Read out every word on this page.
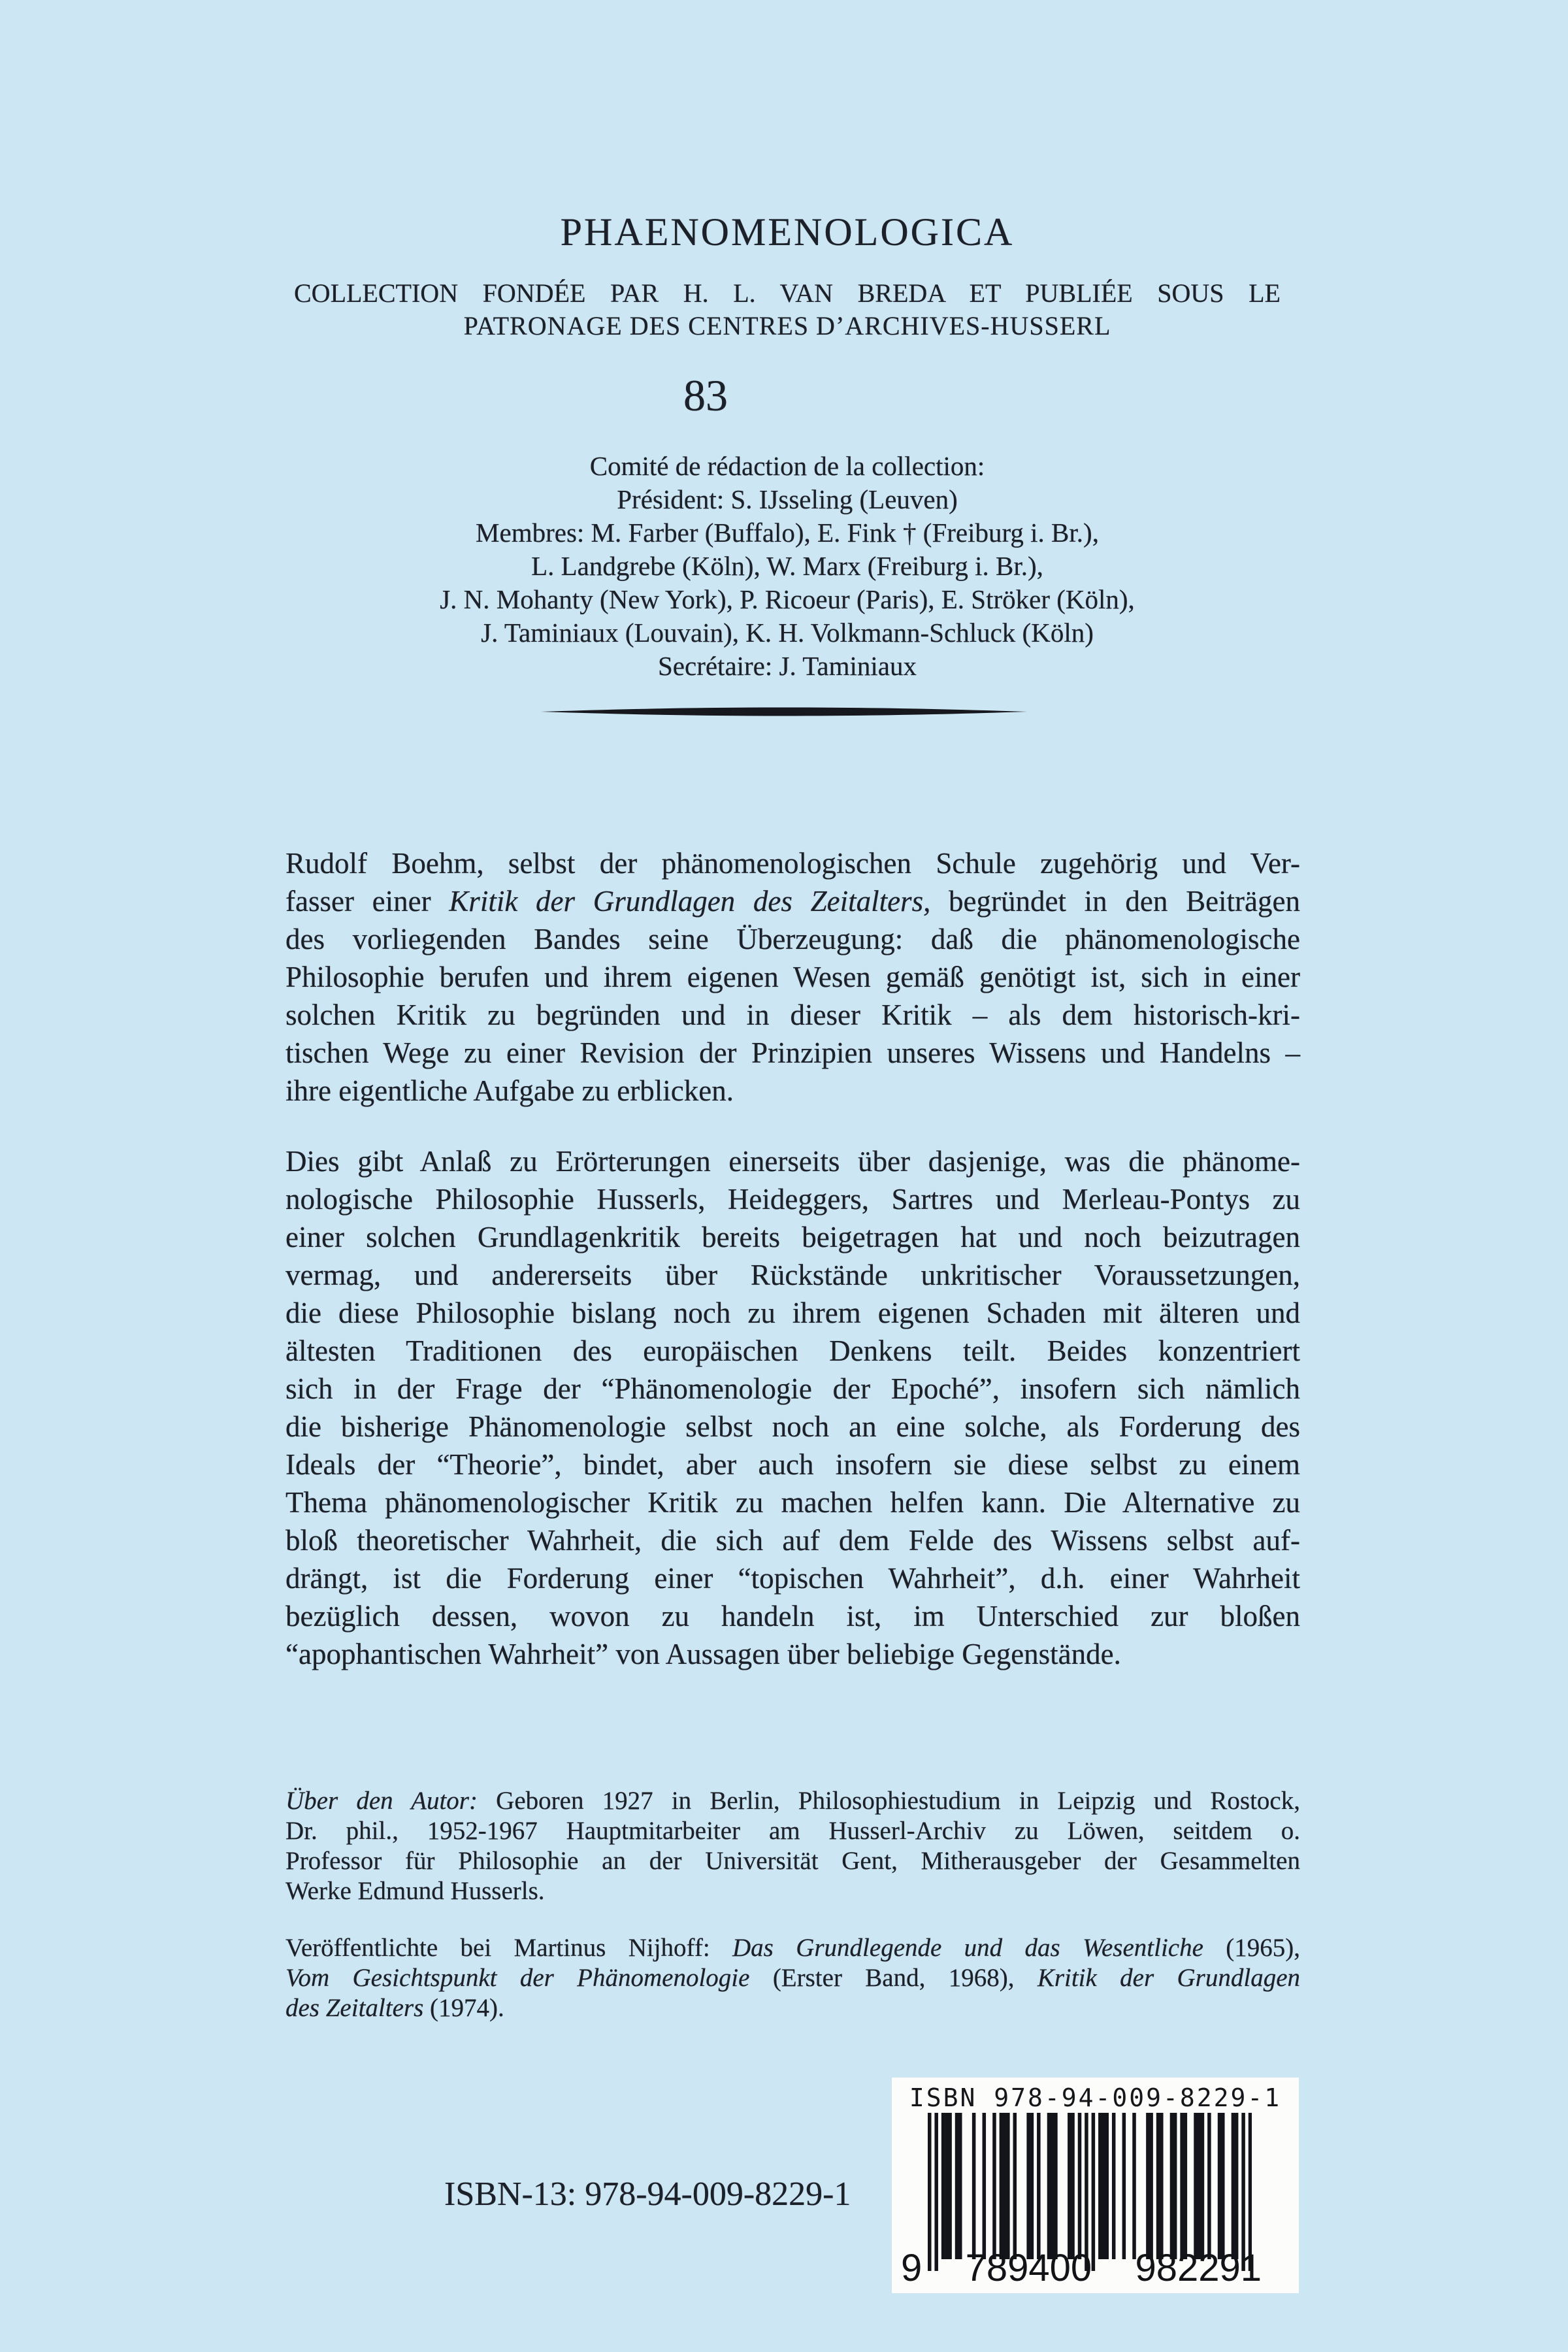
PHAENOMENOLOGICA
COLLECTION FONDÉE PAR H. L. VAN BREDA ET PUBLIÉE SOUS LE
PATRONAGE DES CENTRES D’ARCHIVES-HUSSERL
83
Comité de rédaction de la collection:
Président: S. IJsseling (Leuven)
Membres: M. Farber (Buffalo), E. Fink † (Freiburg i. Br.),
L. Landgrebe (Köln), W. Marx (Freiburg i. Br.),
J. N. Mohanty (New York), P. Ricoeur (Paris), E. Ströker (Köln),
J. Taminiaux (Louvain), K. H. Volkmann-Schluck (Köln)
Secrétaire: J. Taminiaux
Rudolf Boehm, selbst der phänomenologischen Schule zugehörig und Ver-
fasser einer Kritik der Grundlagen des Zeitalters, begründet in den Beiträgen
des vorliegenden Bandes seine Überzeugung: daß die phänomenologische
Philosophie berufen und ihrem eigenen Wesen gemäß genötigt ist, sich in einer
solchen Kritik zu begründen und in dieser Kritik – als dem historisch-kri-
tischen Wege zu einer Revision der Prinzipien unseres Wissens und Handelns –
ihre eigentliche Aufgabe zu erblicken.
Dies gibt Anlaß zu Erörterungen einerseits über dasjenige, was die phänome-
nologische Philosophie Husserls, Heideggers, Sartres und Merleau-Pontys zu
einer solchen Grundlagenkritik bereits beigetragen hat und noch beizutragen
vermag, und andererseits über Rückstände unkritischer Voraussetzungen,
die diese Philosophie bislang noch zu ihrem eigenen Schaden mit älteren und
ältesten Traditionen des europäischen Denkens teilt. Beides konzentriert
sich in der Frage der “Phänomenologie der Epoché”, insofern sich nämlich
die bisherige Phänomenologie selbst noch an eine solche, als Forderung des
Ideals der “Theorie”, bindet, aber auch insofern sie diese selbst zu einem
Thema phänomenologischer Kritik zu machen helfen kann. Die Alternative zu
bloß theoretischer Wahrheit, die sich auf dem Felde des Wissens selbst auf-
drängt, ist die Forderung einer “topischen Wahrheit”, d.h. einer Wahrheit
bezüglich dessen, wovon zu handeln ist, im Unterschied zur bloßen
“apophantischen Wahrheit” von Aussagen über beliebige Gegenstände.
Über den Autor: Geboren 1927 in Berlin, Philosophiestudium in Leipzig und Rostock,
Dr. phil., 1952-1967 Hauptmitarbeiter am Husserl-Archiv zu Löwen, seitdem o.
Professor für Philosophie an der Universität Gent, Mitherausgeber der Gesammelten
Werke Edmund Husserls.
Veröffentlichte bei Martinus Nijhoff: Das Grundlegende und das Wesentliche (1965),
Vom Gesichtspunkt der Phänomenologie (Erster Band, 1968), Kritik der Grundlagen
des Zeitalters (1974).
ISBN-13: 978-94-009-8229-1
ISBN 978-94-009-8229-1
9 789400 982291
